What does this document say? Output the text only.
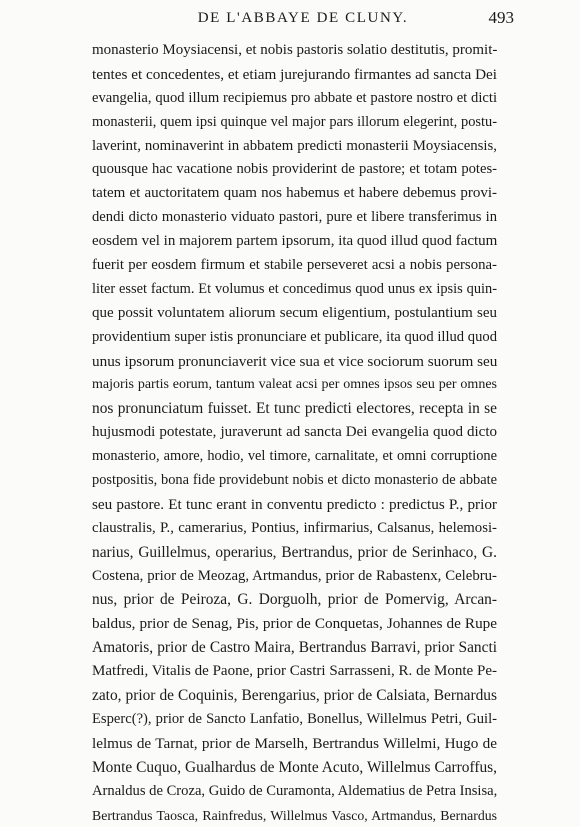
DE L'ABBAYE DE CLUNY.	493
monasterio Moysiacensi, et nobis pastoris solatio destitutis, promit-
tentes et concedentes, et etiam jurejurando firmantes ad sancta Dei
evangelia, quod illum recipiemus pro abbate et pastore nostro et dicti
monasterii, quem ipsi quinque vel major pars illorum elegerint, postu-
laverint, nominaverint in abbatem predicti monasterii Moysiacensis,
quousque hac vacatione nobis providerint de pastore; et totam potes-
tatem et auctoritatem quam nos habemus et habere debemus provi-
dendi dicto monasterio viduato pastori, pure et libere transferimus in
eosdem vel in majorem partem ipsorum, ita quod illud quod factum
fuerit per eosdem firmum et stabile perseveret acsi a nobis persona-
liter esset factum. Et volumus et concedimus quod unus ex ipsis quin-
que possit voluntatem aliorum secum eligentium, postulantium seu
providentium super istis pronunciare et publicare, ita quod illud quod
unus ipsorum pronunciaverit vice sua et vice sociorum suorum seu
majoris partis eorum, tantum valeat acsi per omnes ipsos seu per omnes
nos pronunciatum fuisset. Et tunc predicti electores, recepta in se
hujusmodi potestate, juraverunt ad sancta Dei evangelia quod dicto
monasterio, amore, hodio, vel timore, carnalitate, et omni corruptione
postpositis, bona fide providebunt nobis et dicto monasterio de abbate
seu pastore. Et tunc erant in conventu predicto : predictus P., prior
claustralis, P., camerarius, Pontius, infirmarius, Calsanus, helemosi-
narius, Guillelmus, operarius, Bertrandus, prior de Serinhaco, G.
Costena, prior de Meozag, Artmandus, prior de Rabastenx, Celebru-
nus, prior de Peiroza, G. Dorguolh, prior de Pomervig, Arcan-
baldus, prior de Senag, Pis, prior de Conquetas, Johannes de Rupe
Amatoris, prior de Castro Maira, Bertrandus Barravi, prior Sancti
Matfredi, Vitalis de Paone, prior Castri Sarrasseni, R. de Monte Pe-
zato, prior de Coquinis, Berengarius, prior de Calsiata, Bernardus
Esperc(?), prior de Sancto Lanfatio, Bonellus, Willelmus Petri, Guil-
lelmus de Tarnat, prior de Marselh, Bertrandus Willelmi, Hugo de
Monte Cuquo, Gualhardus de Monte Acuto, Willelmus Carroffus,
Arnaldus de Croza, Guido de Curamonta, Aldematius de Petra Insisa,
Bertrandus Taosca, Rainfredus, Willelmus Vasco, Artmandus, Bernardus
